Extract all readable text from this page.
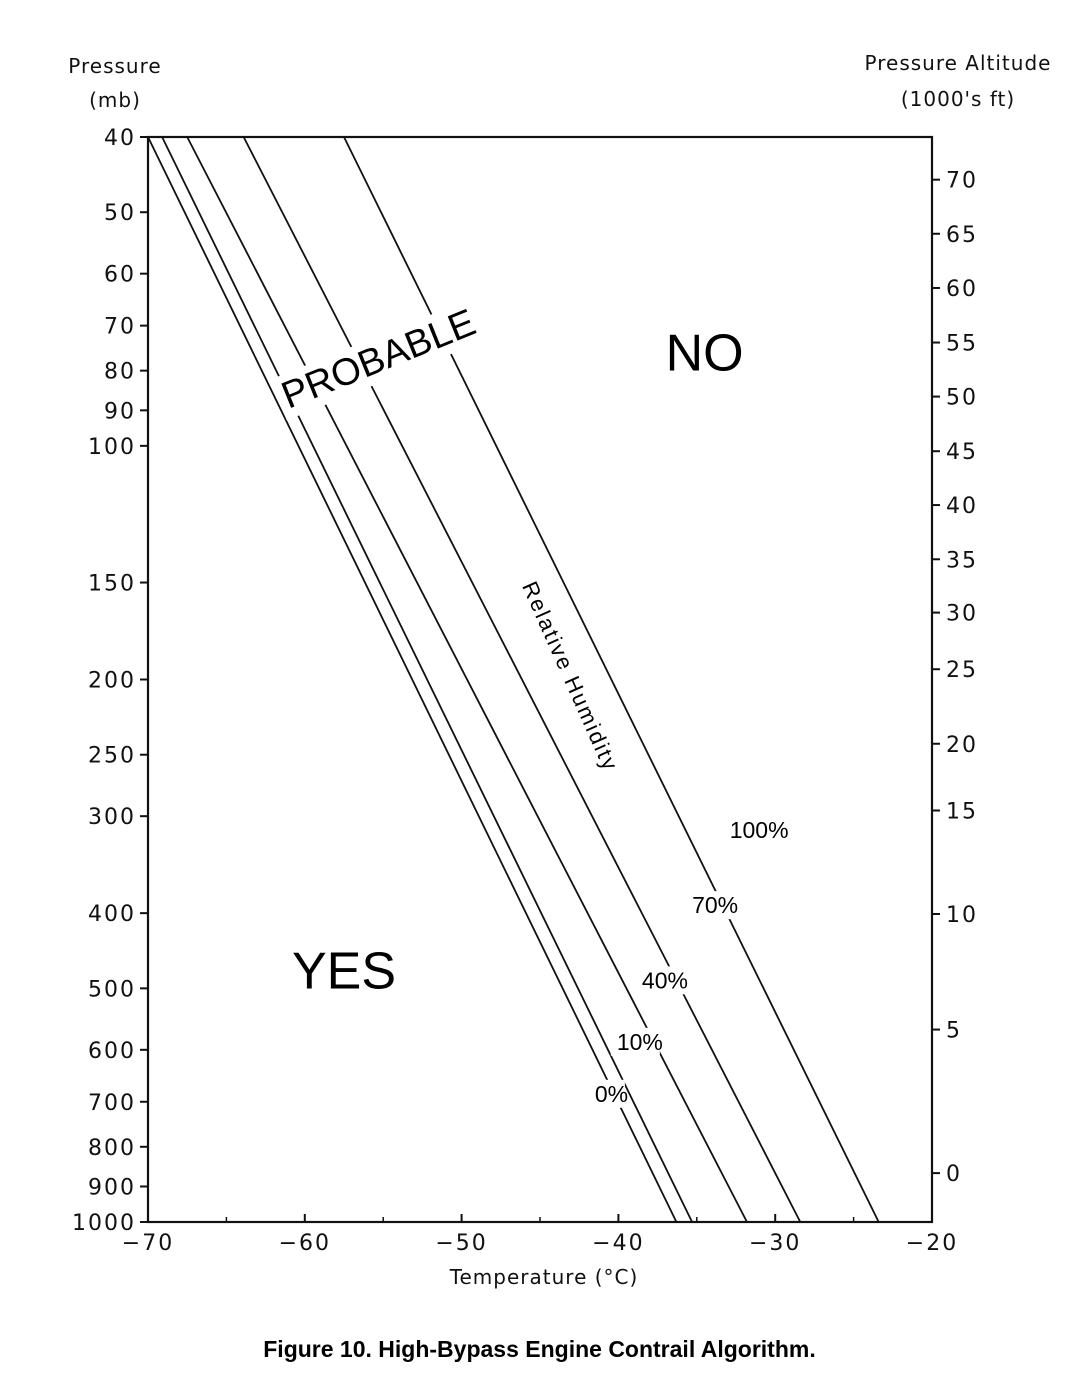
Pressure (mb)
Pressure Altitude (1000's ft)
Temperature (°C)
40
50
60
70
80
90
100
150
200
250
300
400
500
600
700
800
900
1000
70
65
60
55
50
45
40
35
30
25
20
15
10
5
0
−70	−60	−50	−40	−30	−20
0%
10%
40%
70%
100%
PROBABLE	NO
YES
Relative Humidity
Figure 10. High-Bypass Engine Contrail Algorithm.
